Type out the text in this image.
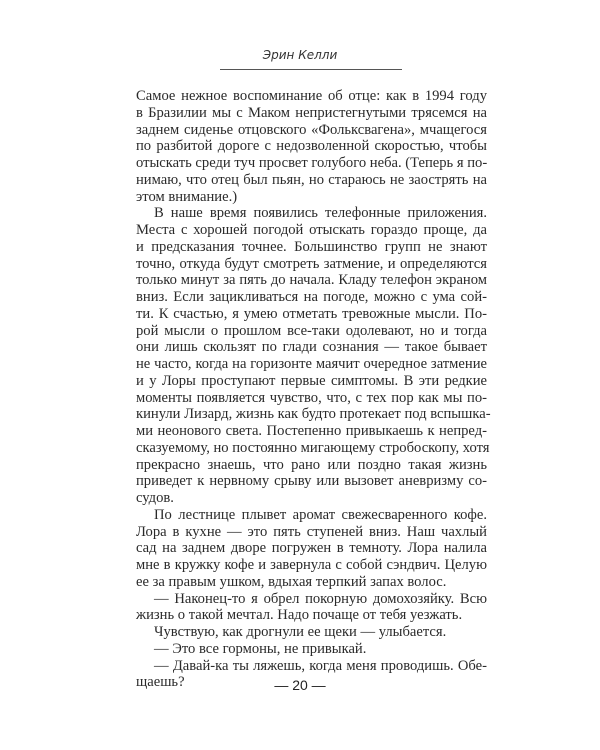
Эрин Келли
Самое нежное воспоминание об отце: как в 1994 году
в Бразилии мы с Маком непристегнутыми трясемся на
заднем сиденье отцовского «Фольксвагена», мчащегося
по разбитой дороге с недозволенной скоростью, чтобы
отыскать среди туч просвет голубого неба. (Теперь я по-
нимаю, что отец был пьян, но стараюсь не заострять на
этом внимание.)
В наше время появились телефонные приложения.
Места с хорошей погодой отыскать гораздо проще, да
и предсказания точнее. Большинство групп не знают
точно, откуда будут смотреть затмение, и определяются
только минут за пять до начала. Кладу телефон экраном
вниз. Если зацикливаться на погоде, можно с ума сой-
ти. К счастью, я умею отметать тревожные мысли. По-
рой мысли о прошлом все-таки одолевают, но и тогда
они лишь скользят по глади сознания — такое бывает
не часто, когда на горизонте маячит очередное затмение
и у Лоры проступают первые симптомы. В эти редкие
моменты появляется чувство, что, с тех пор как мы по-
кинули Лизард, жизнь как будто протекает под вспышка-
ми неонового света. Постепенно привыкаешь к непред-
сказуемому, но постоянно мигающему стробоскопу, хотя
прекрасно знаешь, что рано или поздно такая жизнь
приведет к нервному срыву или вызовет аневризму со-
судов.
По лестнице плывет аромат свежесваренного кофе.
Лора в кухне — это пять ступеней вниз. Наш чахлый
сад на заднем дворе погружен в темноту. Лора налила
мне в кружку кофе и завернула с собой сэндвич. Целую
ее за правым ушком, вдыхая терпкий запах волос.
— Наконец-то я обрел покорную домохозяйку. Всю
жизнь о такой мечтал. Надо почаще от тебя уезжать.
Чувствую, как дрогнули ее щеки — улыбается.
— Это все гормоны, не привыкай.
— Давай-ка ты ляжешь, когда меня проводишь. Обе-
щаешь?	— 20 —
